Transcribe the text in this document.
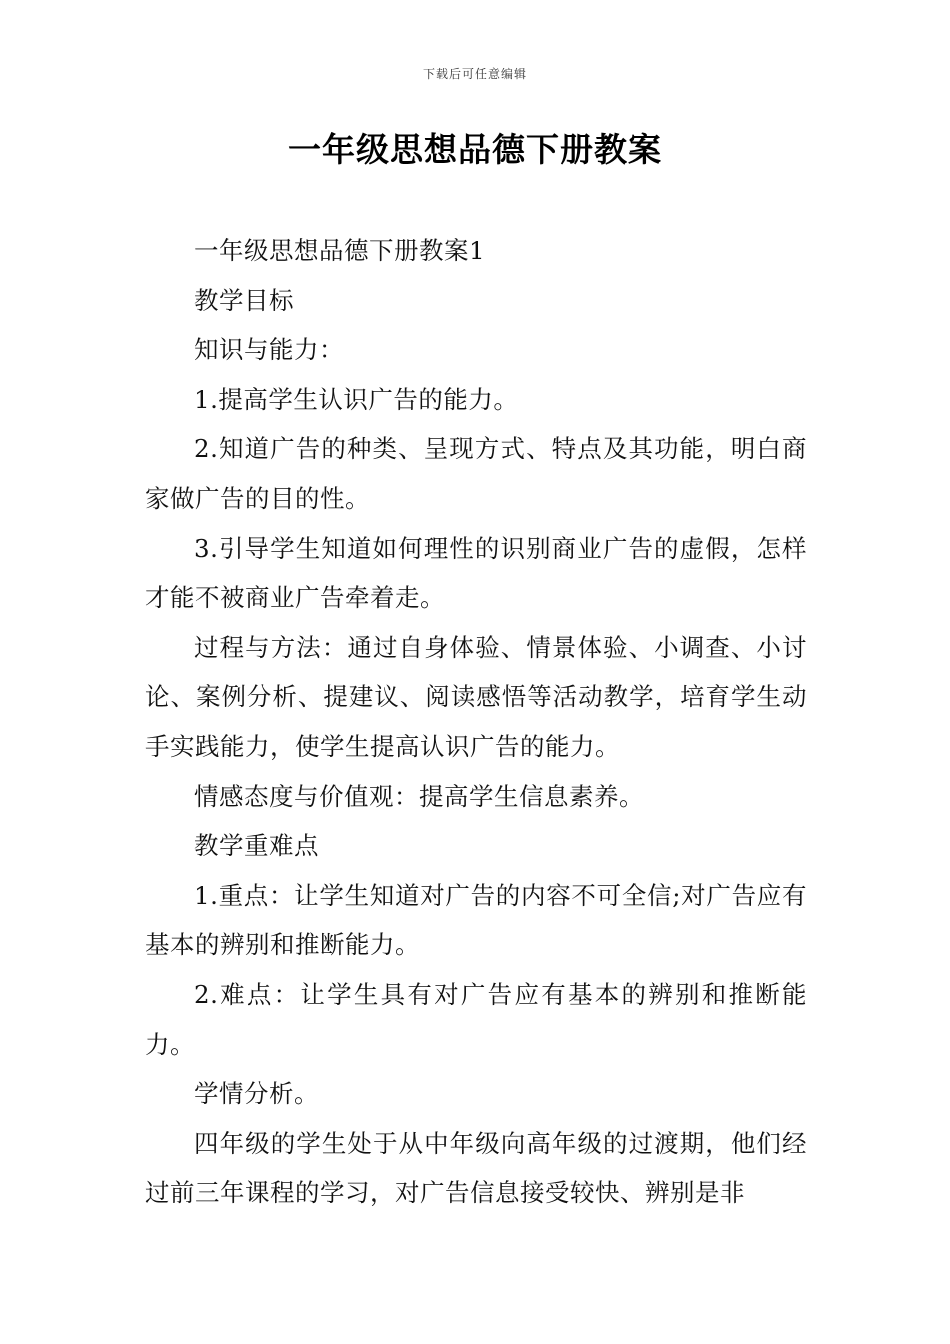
下载后可任意编辑
一年级思想品德下册教案

一年级思想品德下册教案1

教学目标

知识与能力：

1.提高学生认识广告的能力。

2.知道广告的种类、呈现方式、特点及其功能，明白商家做广告的目的性。

3.引导学生知道如何理性的识别商业广告的虚假，怎样才能不被商业广告牵着走。

过程与方法：通过自身体验、情景体验、小调查、小讨论、案例分析、提建议、阅读感悟等活动教学，培育学生动手实践能力，使学生提高认识广告的能力。

情感态度与价值观：提高学生信息素养。

教学重难点

1.重点：让学生知道对广告的内容不可全信;对广告应有基本的辨别和推断能力。

2.难点：让学生具有对广告应有基本的辨别和推断能力。

学情分析。

四年级的学生处于从中年级向高年级的过渡期，他们经过前三年课程的学习，对广告信息接受较快、辨别是非
